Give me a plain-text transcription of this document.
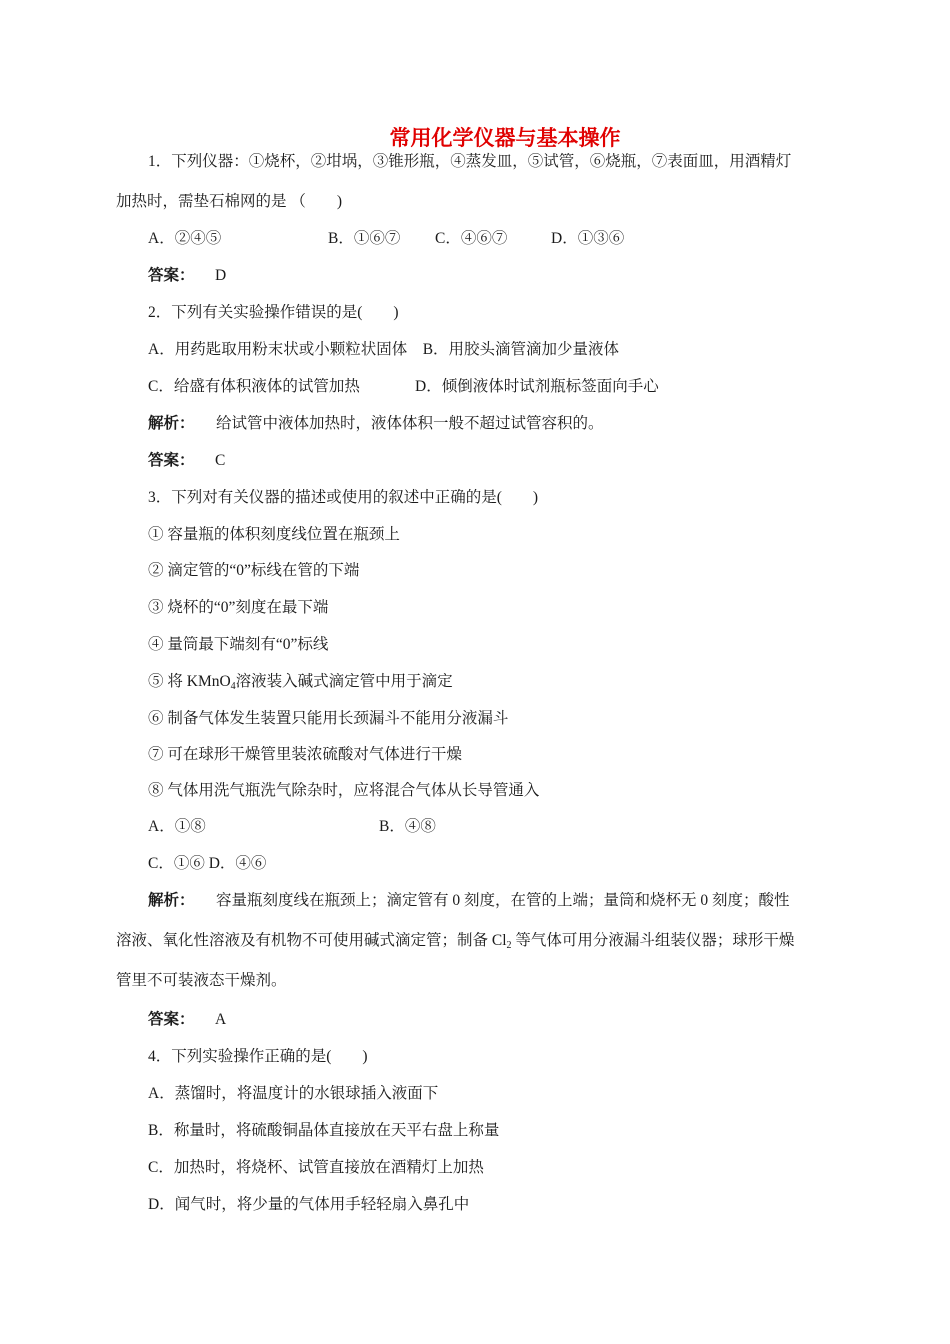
常用化学仪器与基本操作
1．下列仪器：①烧杯，②坩埚，③锥形瓶，④蒸发皿，⑤试管，⑥烧瓶，⑦表面皿，用酒精灯
加热时，需垫石棉网的是 （　　)
A．②④⑤	B．①⑥⑦ C．④⑥⑦	D．①③⑥
答案： D
2．下列有关实验操作错误的是(　　)
A．用药匙取用粉末状或小颗粒状固体　B．用胶头滴管滴加少量液体
C．给盛有体积液体的试管加热	D．倾倒液体时试剂瓶标签面向手心
解析： 给试管中液体加热时，液体体积一般不超过试管容积的。
答案： C
3．下列对有关仪器的描述或使用的叙述中正确的是(　　)
① 容量瓶的体积刻度线位置在瓶颈上
② 滴定管的“0”标线在管的下端
③ 烧杯的“0”刻度在最下端
④ 量筒最下端刻有“0”标线
⑤ 将 KMnO$_4$溶液装入碱式滴定管中用于滴定
⑥ 制备气体发生装置只能用长颈漏斗不能用分液漏斗
⑦ 可在球形干燥管里装浓硫酸对气体进行干燥
⑧ 气体用洗气瓶洗气除杂时，应将混合气体从长导管通入
A．①⑧	B．④⑧
C．①⑥ D．④⑥
解析： 容量瓶刻度线在瓶颈上；滴定管有 0 刻度，在管的上端；量筒和烧杯无 0 刻度；酸性
溶液、氧化性溶液及有机物不可使用碱式滴定管；制备 $Cl_2$ 等气体可用分液漏斗组装仪器；球形干燥
管里不可装液态干燥剂。
答案： A
4．下列实验操作正确的是(　　)
A．蒸馏时，将温度计的水银球插入液面下
B．称量时，将硫酸铜晶体直接放在天平右盘上称量
C．加热时，将烧杯、试管直接放在酒精灯上加热
D．闻气时，将少量的气体用手轻轻扇入鼻孔中
